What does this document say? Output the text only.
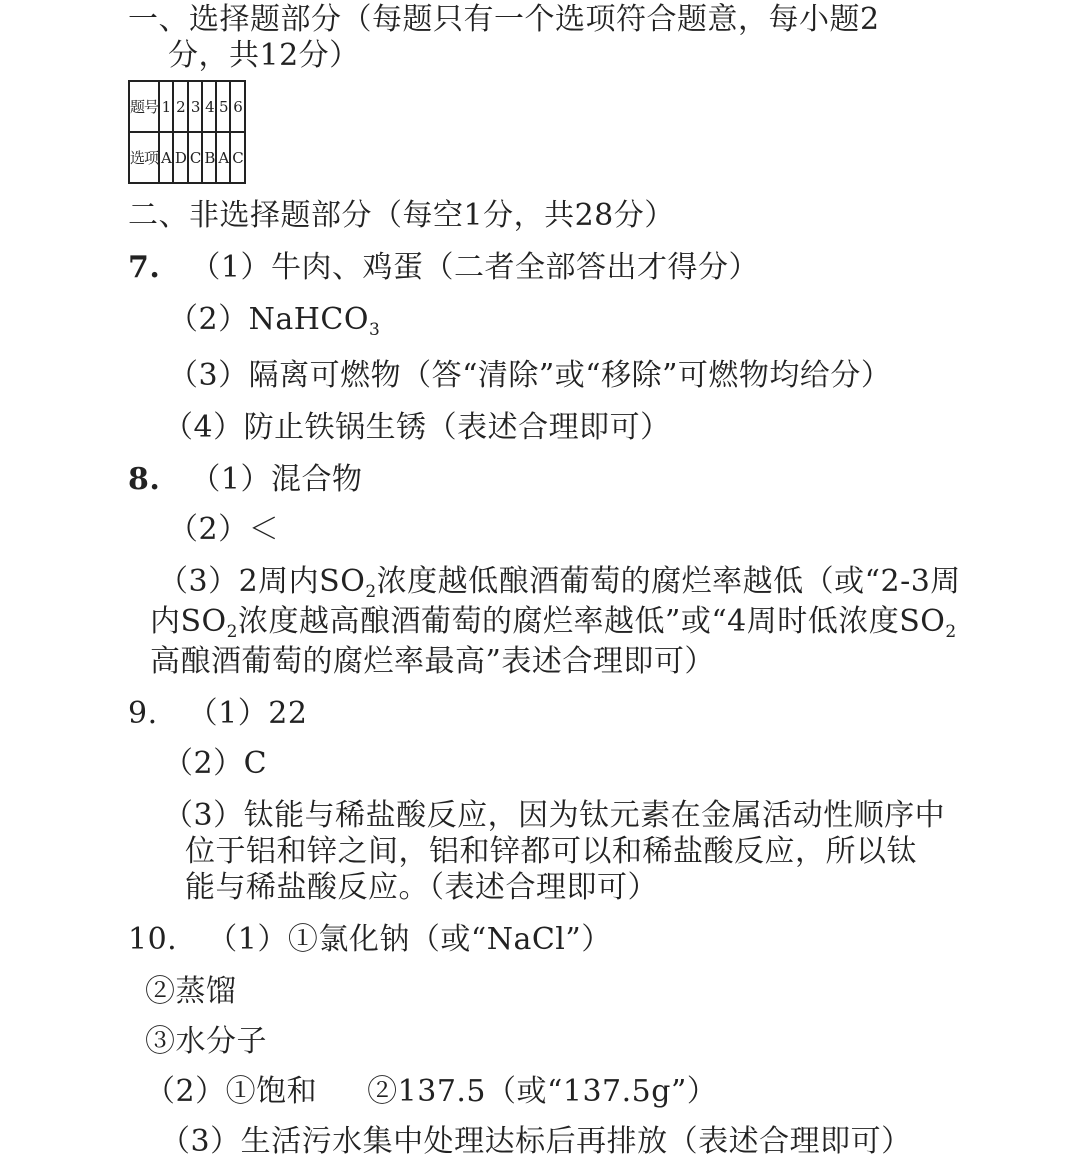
一、选择题部分（每题只有一个选项符合题意，每小题2
分，共12分）
题号	1	2	3	4	5	6
选项	A	D	C	B	A	C
二、非选择题部分（每空1分，共28分）
7. （1）牛肉、鸡蛋（二者全部答出才得分）
（2）NaHCO$_3$
（3）隔离可燃物（答“清除”或“移除”可燃物均给分）
（4）防止铁锅生锈（表述合理即可）
8. （1）混合物
（2）＜
（3）2周内$SO_2$浓度越低酿酒葡萄的腐烂率越低（或“2-3周
内$SO_2$浓度越高酿酒葡萄的腐烂率越低”或“4周时低浓度$SO_2$
高酿酒葡萄的腐烂率最高”表述合理即可）
9. （1）22
（2）C
（3）钛能与稀盐酸反应，因为钛元素在金属活动性顺序中
位于铝和锌之间，铝和锌都可以和稀盐酸反应，所以钛
能与稀盐酸反应。（表述合理即可）
10. （1）①氯化钠（或“NaCl”）
②蒸馏
③水分子
（2）①饱和 ②137.5（或“137.5g”）
（3）生活污水集中处理达标后再排放（表述合理即可）
